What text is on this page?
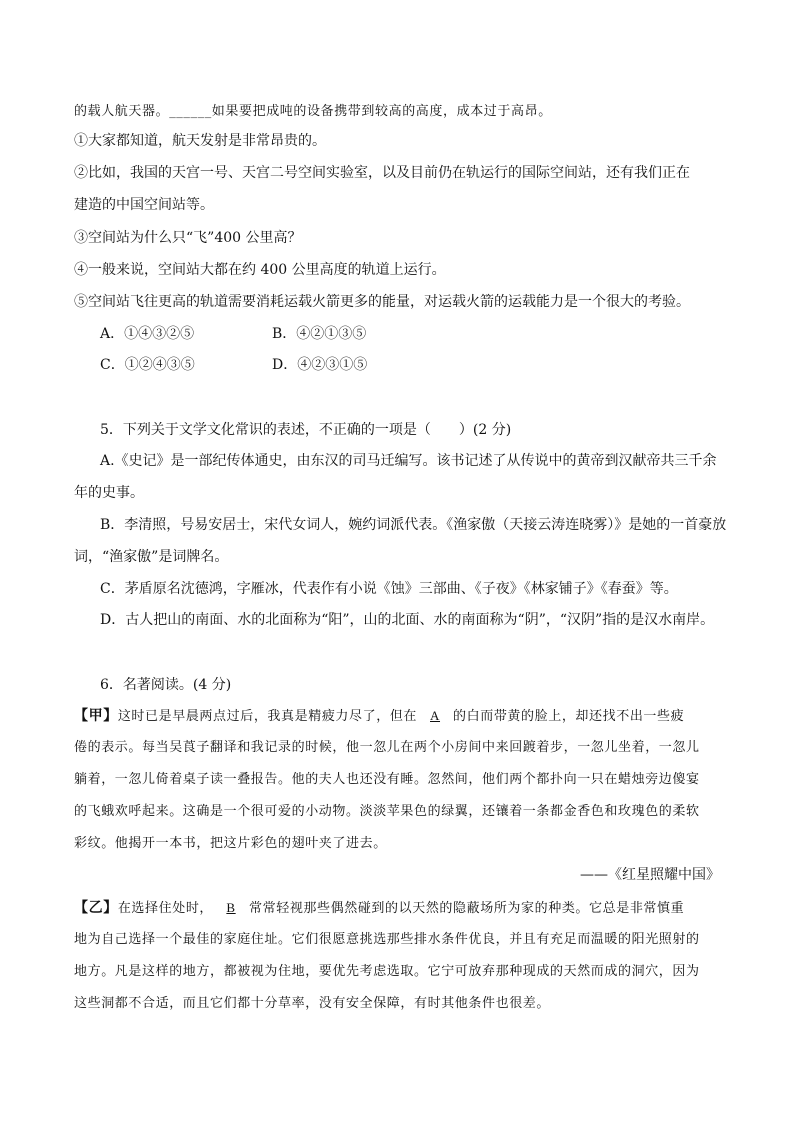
的载人航天器。______如果要把成吨的设备携带到较高的高度，成本过于高昂。
①大家都知道，航天发射是非常昂贵的。
②比如，我国的天宫一号、天宫二号空间实验室，以及目前仍在轨运行的国际空间站，还有我们正在
建造的中国空间站等。
③空间站为什么只“飞”400 公里高？
④一般来说，空间站大都在约 400 公里高度的轨道上运行。
⑤空间站飞往更高的轨道需要消耗运载火箭更多的能量，对运载火箭的运载能力是一个很大的考验。
A．①④③②⑤	B．④②①③⑤
C．①②④③⑤	D．④②③①⑤
5．下列关于文学文化常识的表述，不正确的一项是（　　）(2 分)
A.《史记》是一部纪传体通史，由东汉的司马迁编写。该书记述了从传说中的黄帝到汉献帝共三千余
年的史事。
B．李清照，号易安居士，宋代女词人，婉约词派代表。《渔家傲（天接云涛连晓雾）》是她的一首豪放
词，“渔家傲”是词牌名。
C．茅盾原名沈德鸿，字雁冰，代表作有小说《蚀》三部曲、《子夜》《林家铺子》《春蚕》等。
D．古人把山的南面、水的北面称为“阳”，山的北面、水的南面称为“阴”，“汉阴”指的是汉水南岸。
6．名著阅读。(4 分)
【甲】这时已是早晨两点过后，我真是精疲力尽了，但在 A 的白而带黄的脸上，却还找不出一些疲
倦的表示。每当吴莨子翻译和我记录的时候，他一忽儿在两个小房间中来回踱着步，一忽儿坐着，一忽儿
躺着，一忽儿倚着桌子读一叠报告。他的夫人也还没有睡。忽然间，他们两个都扑向一只在蜡烛旁边傻宴
的飞蛾欢呼起来。这确是一个很可爱的小动物。淡淡苹果色的绿翼，还镶着一条都金香色和玫瑰色的柔软
彩纹。他揭开一本书，把这片彩色的翅叶夹了进去。
——《红星照耀中国》
【乙】在选择住处时， B 常常轻视那些偶然碰到的以天然的隐蔽场所为家的种类。它总是非常慎重
地为自己选择一个最佳的家庭住址。它们很愿意挑选那些排水条件优良，并且有充足而温暖的阳光照射的
地方。凡是这样的地方，都被视为住地，要优先考虑选取。它宁可放弃那种现成的天然而成的洞穴，因为
这些洞都不合适，而且它们都十分草率，没有安全保障，有时其他条件也很差。
